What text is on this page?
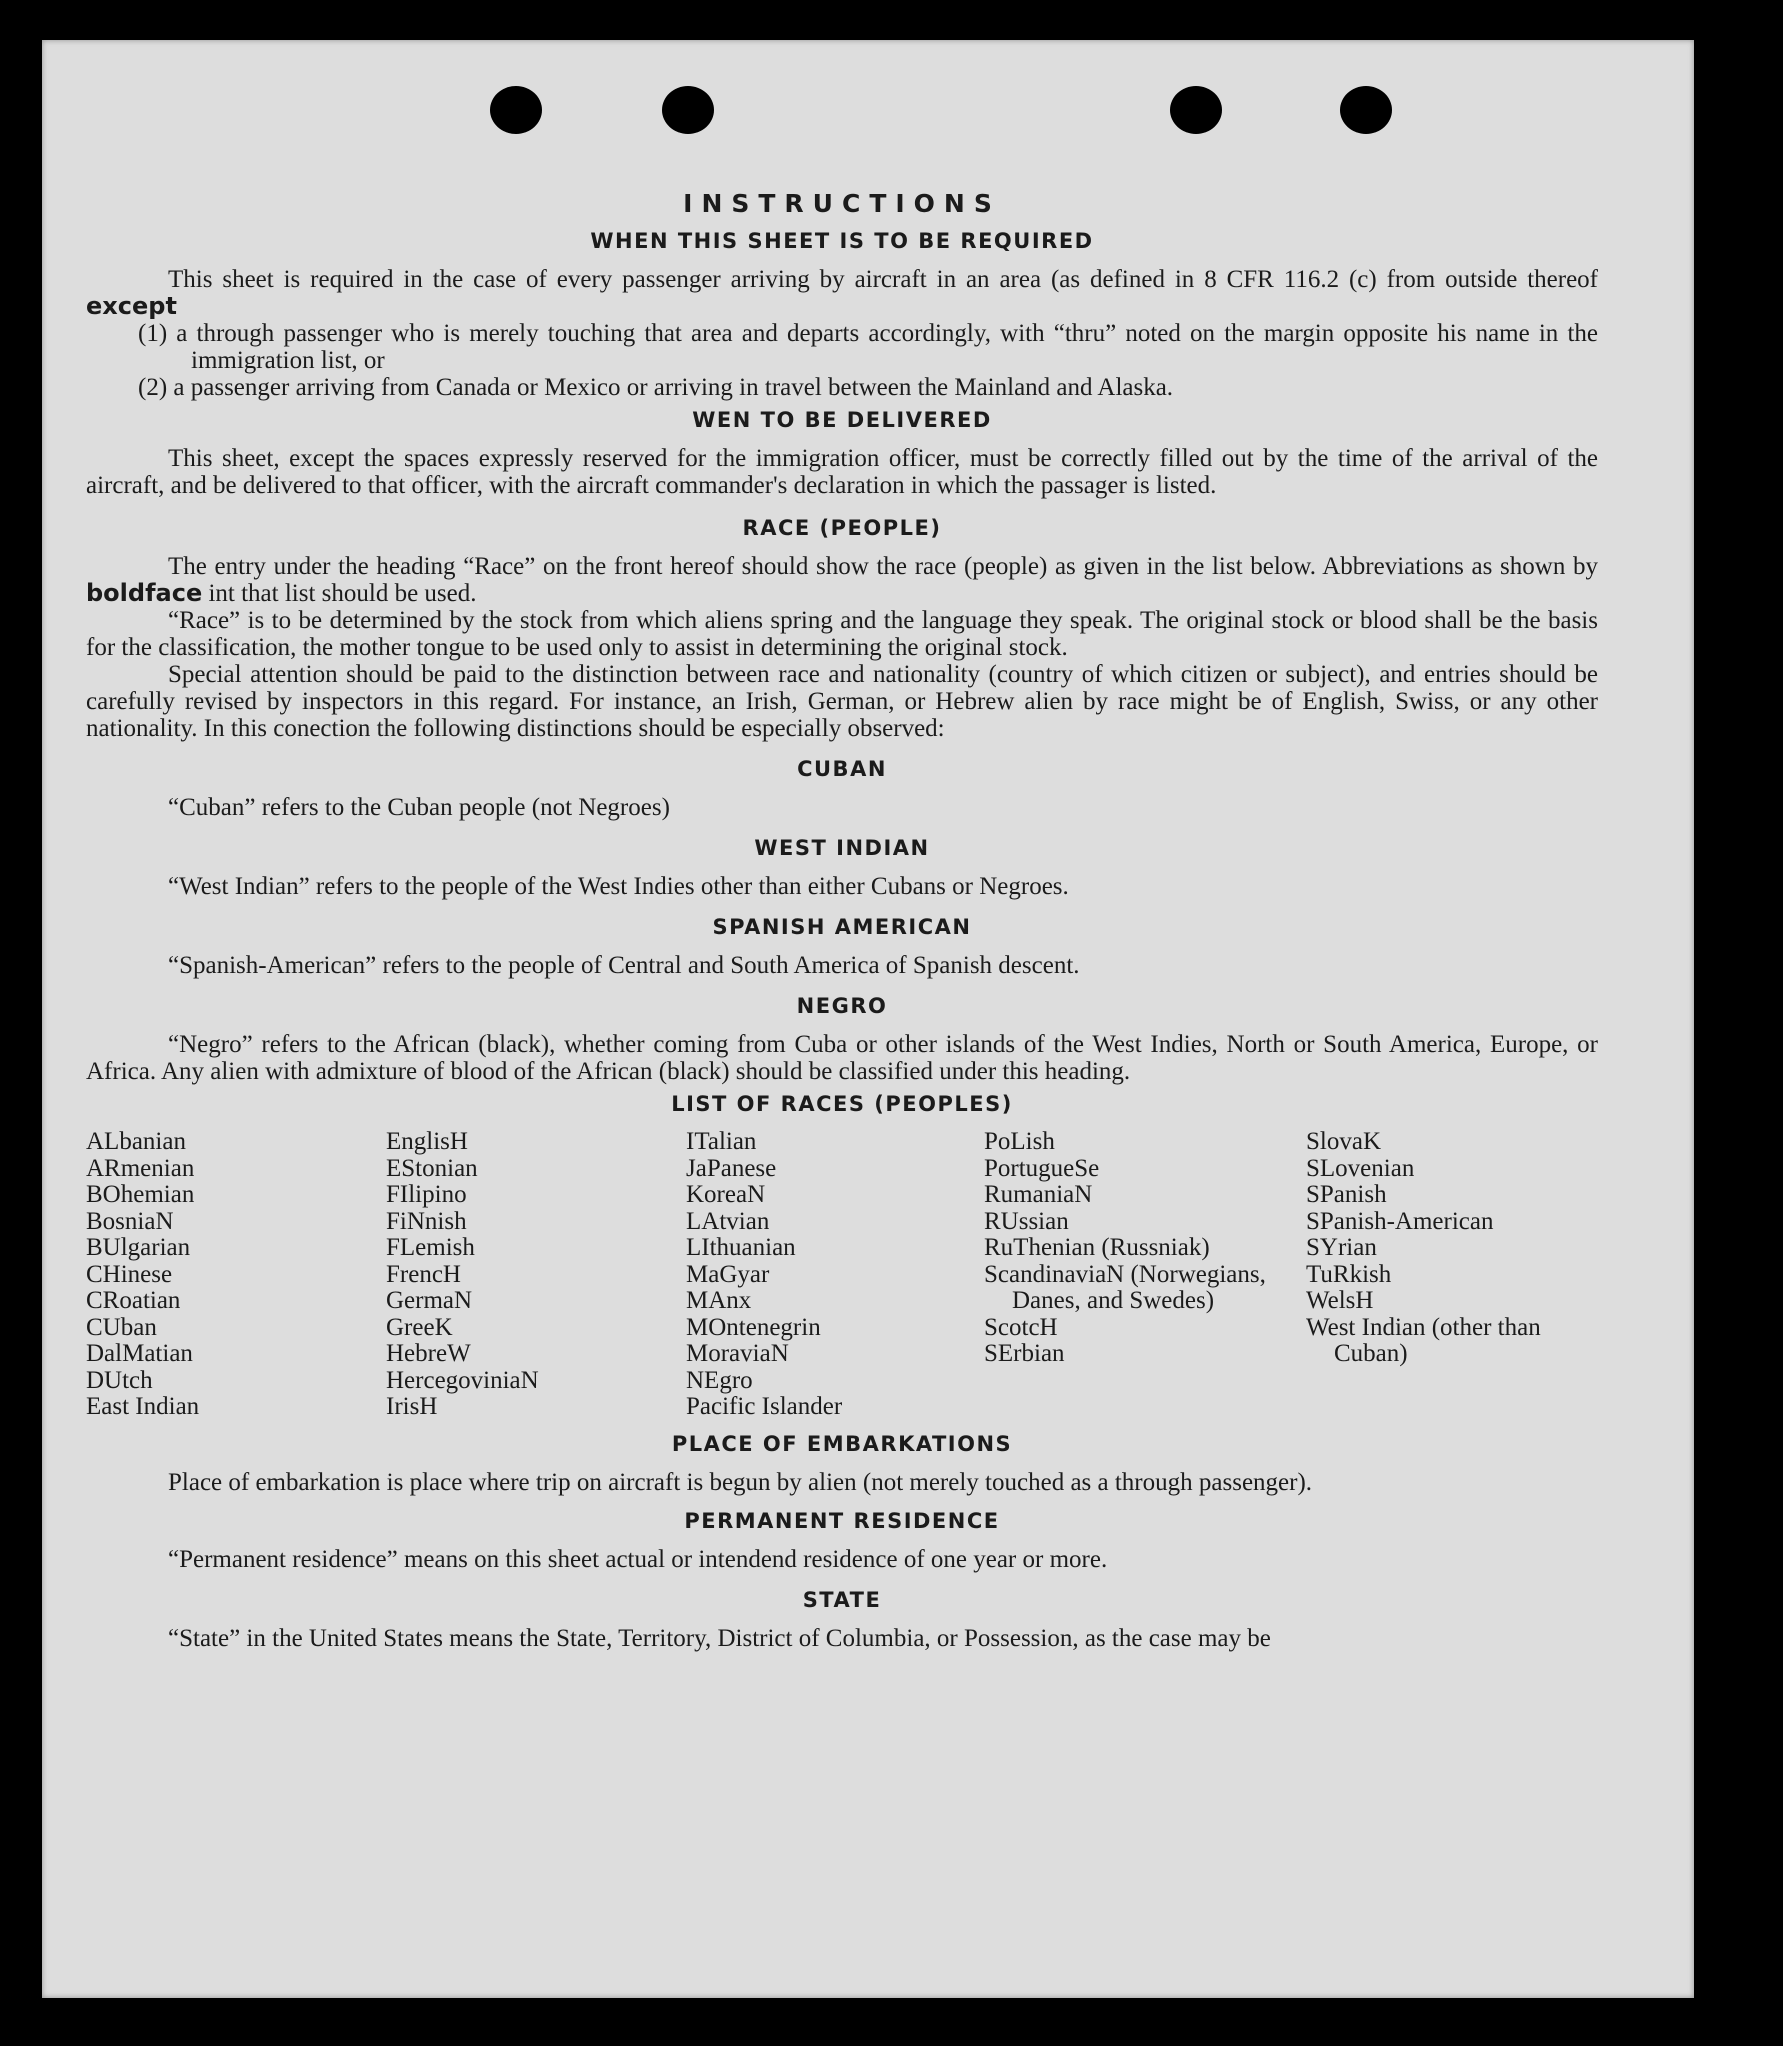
INSTRUCTIONS
WHEN THIS SHEET IS TO BE REQUIRED

This sheet is required in the case of every passenger arriving by aircraft in an area (as defined in 8 CFR 116.2 (c) from outside thereof except

(1) a through passenger who is merely touching that area and departs accordingly, with “thru” noted on the margin opposite his name in the immigration list, or

(2) a passenger arriving from Canada or Mexico or arriving in travel between the Mainland and Alaska.

WEN TO BE DELIVERED

This sheet, except the spaces expressly reserved for the immigration officer, must be correctly filled out by the time of the arrival of the aircraft, and be delivered to that officer, with the aircraft commander's declaration in which the passager is listed.

RACE (PEOPLE)

The entry under the heading “Race” on the front hereof should show the race (people) as given in the list below. Abbreviations as shown by boldface int that list should be used.

“Race” is to be determined by the stock from which aliens spring and the language they speak. The original stock or blood shall be the basis for the classification, the mother tongue to be used only to assist in determining the original stock.

Special attention should be paid to the distinction between race and nationality (country of which citizen or subject), and entries should be carefully revised by inspectors in this regard. For instance, an Irish, German, or Hebrew alien by race might be of English, Swiss, or any other nationality. In this conection the following distinctions should be especially observed:

CUBAN

“Cuban” refers to the Cuban people (not Negroes)

WEST INDIAN

“West Indian” refers to the people of the West Indies other than either Cubans or Negroes.

SPANISH AMERICAN

“Spanish-American” refers to the people of Central and South America of Spanish descent.

NEGRO

“Negro” refers to the African (black), whether coming from Cuba or other islands of the West Indies, North or South America, Europe, or Africa. Any alien with admixture of blood of the African (black) should be classified under this heading.

LIST OF RACES (PEOPLES)
ALbanian
ARmenian
BOhemian
BosniaN
BUlgarian
CHinese
CRoatian
CUban
DalMatian
DUtch
East Indian
EnglisH
EStonian
FIlipino
FiNnish
FLemish
FrencH
GermaN
GreeK
HebreW
HercegoviniaN
IrisH
ITalian
JaPanese
KoreaN
LAtvian
LIthuanian
MaGyar
MAnx
MOntenegrin
MoraviaN
NEgro
Pacific Islander
PoLish
PortugueSe
RumaniaN
RUssian
RuThenian (Russniak)
ScandinaviaN (Norwegians, Danes, and Swedes)
ScotcH
SErbian
SlovaK
SLovenian
SPanish
SPanish-American
SYrian
TuRkish
WelsH
West Indian (other than Cuban)
PLACE OF EMBARKATIONS

Place of embarkation is place where trip on aircraft is begun by alien (not merely touched as a through passenger).

PERMANENT RESIDENCE

“Permanent residence” means on this sheet actual or intendend residence of one year or more.

STATE

“State” in the United States means the State, Territory, District of Columbia, or Possession, as the case may be
